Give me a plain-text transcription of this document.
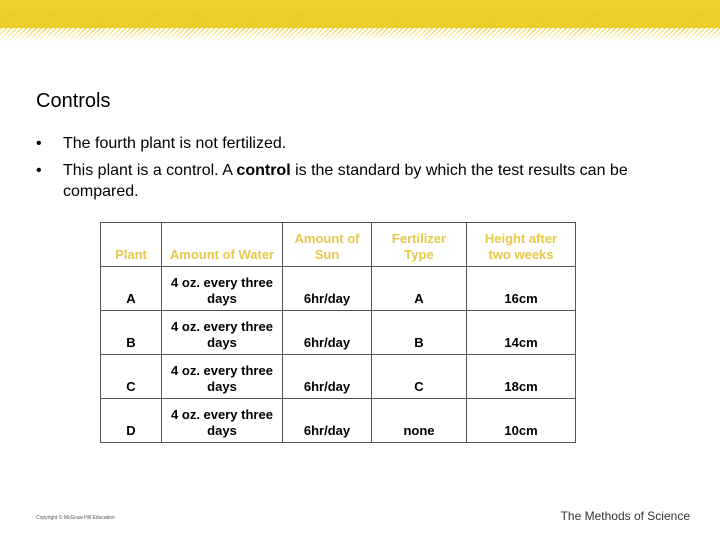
Controls
• The fourth plant is not fertilized.
• This plant is a control. A control is the standard by which the test results can be compared.
Plant	Amount of Water	Amount of Sun	Fertilizer Type	Height after two weeks
A	4 oz. every three days	6hr/day	A	16cm
B	4 oz. every three days	6hr/day	B	14cm
C	4 oz. every three days	6hr/day	C	18cm
D	4 oz. every three days	6hr/day	none	10cm
Copyright © McGraw-Hill Education	The Methods of Science
